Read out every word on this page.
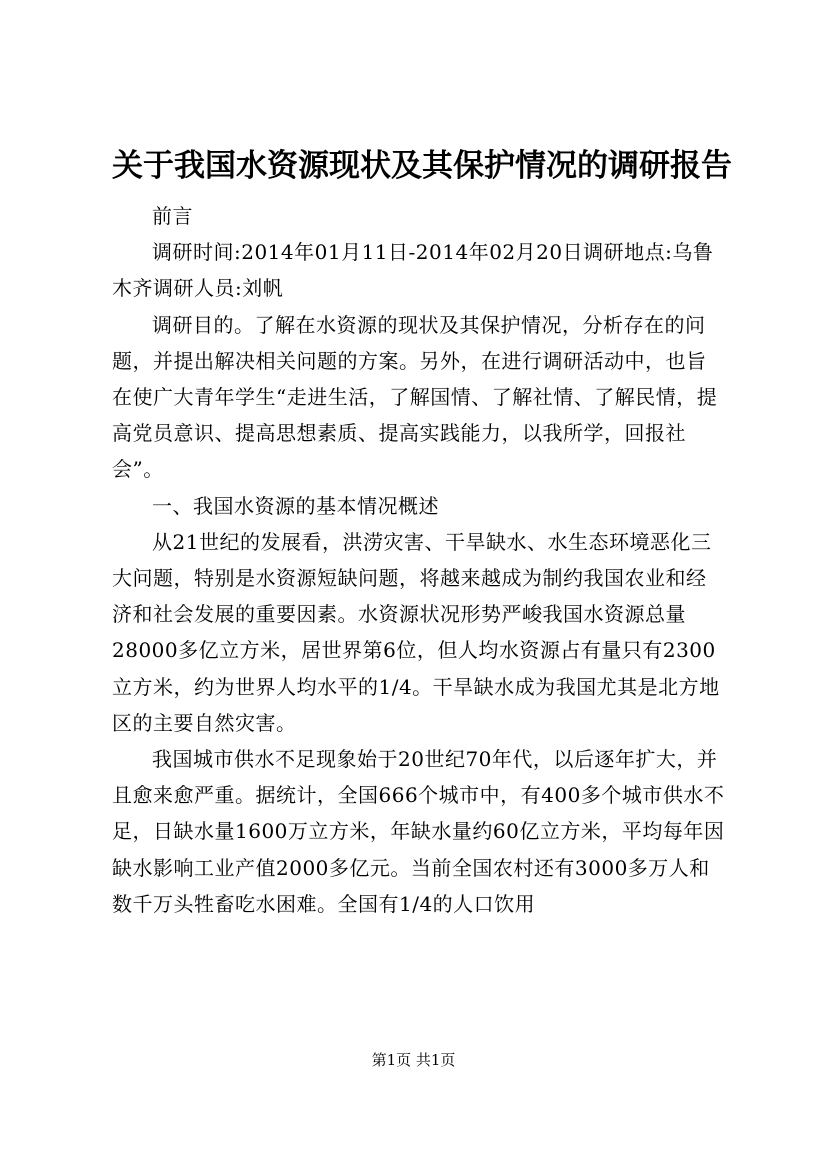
关于我国水资源现状及其保护情况的调研报告

前言

调研时间:2014年01月11日-2014年02月20日调研地点:乌鲁木齐调研人员:刘帆

调研目的。了解在水资源的现状及其保护情况，分析存在的问题，并提出解决相关问题的方案。另外，在进行调研活动中，也旨在使广大青年学生“走进生活，了解国情、了解社情、了解民情，提高党员意识、提高思想素质、提高实践能力，以我所学，回报社会”。

一、我国水资源的基本情况概述

从21世纪的发展看，洪涝灾害、干旱缺水、水生态环境恶化三大问题，特别是水资源短缺问题，将越来越成为制约我国农业和经济和社会发展的重要因素。水资源状况形势严峻我国水资源总量28000多亿立方米，居世界第6位，但人均水资源占有量只有2300立方米，约为世界人均水平的1/4。干旱缺水成为我国尤其是北方地区的主要自然灾害。

我国城市供水不足现象始于20世纪70年代，以后逐年扩大，并且愈来愈严重。据统计，全国666个城市中，有400多个城市供水不足，日缺水量1600万立方米，年缺水量约60亿立方米，平均每年因缺水影响工业产值2000多亿元。当前全国农村还有3000多万人和数千万头牲畜吃水困难。全国有1/4的人口饮用

第1页 共1页
